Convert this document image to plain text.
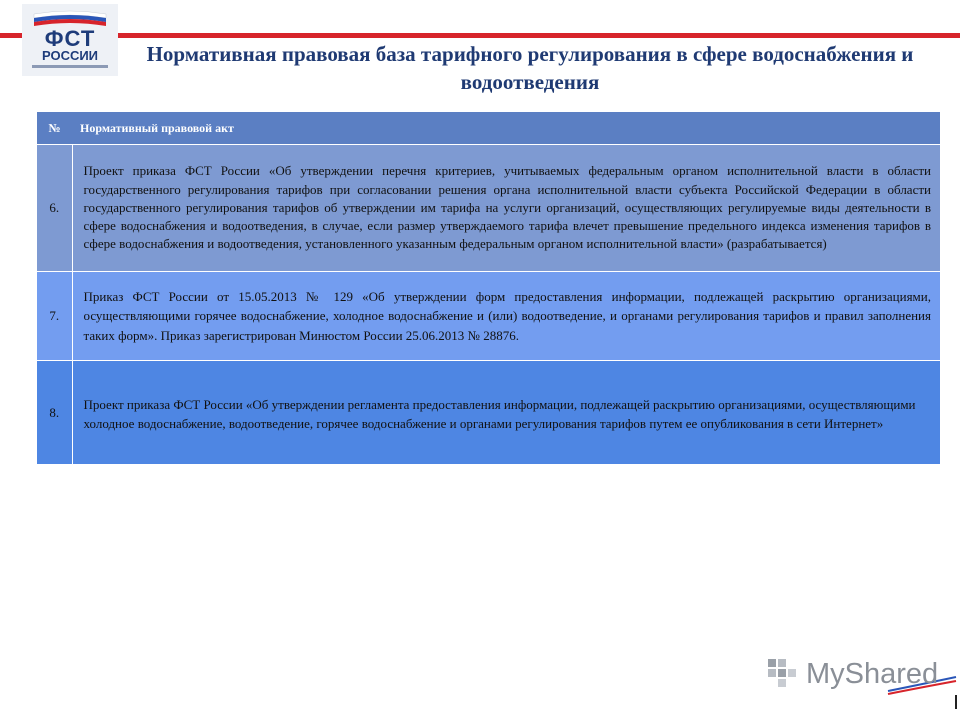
ФСТ
РОССИИ	Нормативная правовая база тарифного регулирования в сфере водоснабжения и водоотведения
№	Нормативный правовой акт
6.	Проект приказа ФСТ России «Об утверждении перечня критериев, учитываемых федеральным органом исполнительной власти в области государственного регулирования тарифов при согласовании решения органа исполнительной власти субъекта Российской Федерации в области государственного регулирования тарифов об утверждении им тарифа на услуги организаций, осуществляющих регулируемые виды деятельности в сфере водоснабжения и водоотведения, в случае, если размер утверждаемого тарифа влечет превышение предельного индекса изменения тарифов в сфере водоснабжения и водоотведения, установленного указанным федеральным органом исполнительной власти» (разрабатывается)
7.	Приказ ФСТ России от 15.05.2013 № 129 «Об утверждении форм предоставления информации, подлежащей раскрытию организациями, осуществляющими горячее водоснабжение, холодное водоснабжение и (или) водоотведение, и органами регулирования тарифов и правил заполнения таких форм». Приказ зарегистрирован Минюстом России 25.06.2013 № 28876.
8.	Проект приказа ФСТ России «Об утверждении регламента предоставления информации, подлежащей раскрытию организациями, осуществляющими холодное водоснабжение, водоотведение, горячее водоснабжение и органами регулирования тарифов путем ее опубликования в сети Интернет»
MyShared
